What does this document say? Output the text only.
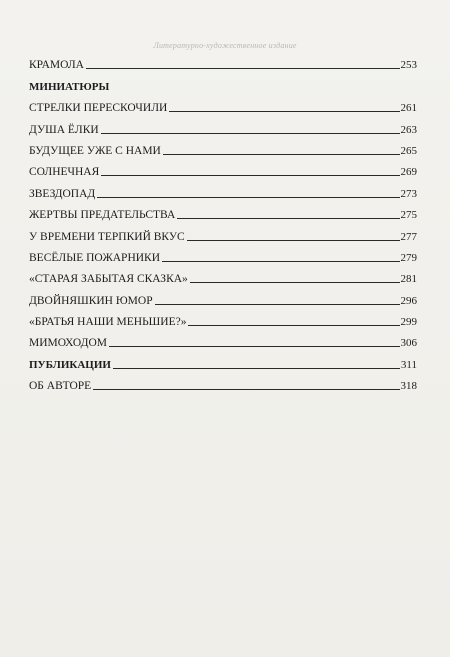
Литературно-художественное издание
КРАМОЛА	253
МИНИАТЮРЫ
СТРЕЛКИ ПЕРЕСКОЧИЛИ	261
ДУША ЁЛКИ	263
БУДУЩЕЕ УЖЕ С НАМИ	265
СОЛНЕЧНАЯ	269
ЗВЕЗДОПАД	273
ЖЕРТВЫ ПРЕДАТЕЛЬСТВА	275
У ВРЕМЕНИ ТЕРПКИЙ ВКУС	277
ВЕСЁЛЫЕ ПОЖАРНИКИ	279
«СТАРАЯ ЗАБЫТАЯ СКАЗКА»	281
ДВОЙНЯШКИН ЮМОР	296
«БРАТЬЯ НАШИ МЕНЬШИЕ?»	299
МИМОХОДОМ	306
ПУБЛИКАЦИИ	311
ОБ АВТОРЕ	318
